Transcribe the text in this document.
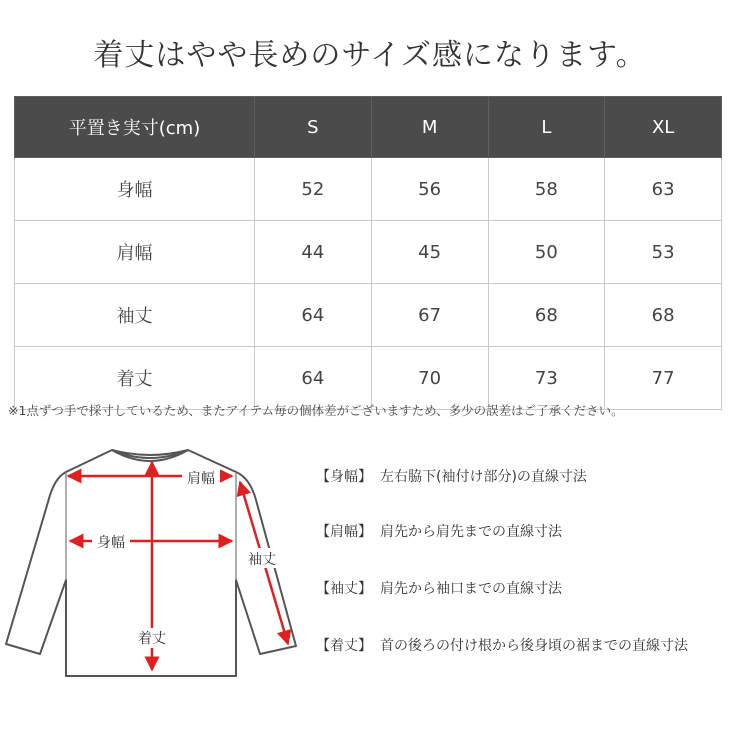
着丈はやや長めのサイズ感になります。
平置き実寸(cm)	S	M	L	XL
身幅	52	56	58	63
肩幅	44	45	50	53
袖丈	64	67	68	68
着丈	64	70	73	77
※1点ずつ手で採寸しているため、またアイテム毎の個体差がございますため、多少の誤差はご了承ください。
肩幅
身幅
着丈
袖丈
【身幅】 左右脇下(袖付け部分)の直線寸法
【肩幅】 肩先から肩先までの直線寸法
【袖丈】 肩先から袖口までの直線寸法
【着丈】 首の後ろの付け根から後身頃の裾までの直線寸法
